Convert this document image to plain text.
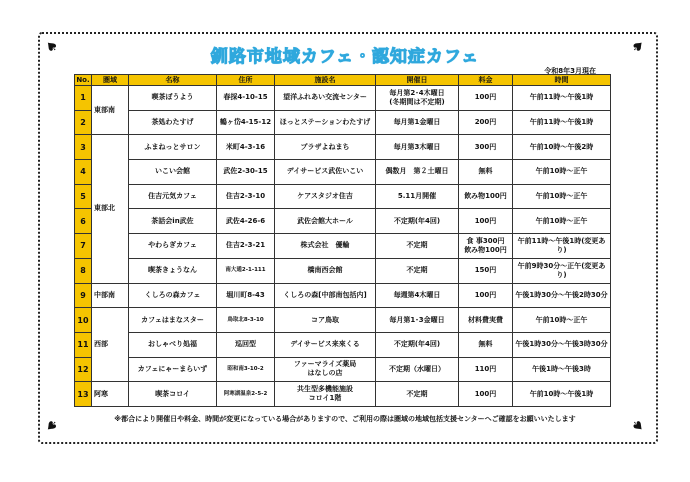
♠	♠
♠	♠
釧路市地域カフェ・認知症カフェ
令和8年3月現在
No.	圏域	名称	住所	施設名	開催日	料金	時間
1	東部南	喫茶ぼうよう	春採4-10-15	望洋ふれあい交流センター	毎月第2･4木曜日
(冬期間は不定期)	100円	午前11時～午後1時
2		茶処わたすげ	鶴ヶ岱4-15-12	ほっとステーションわたすげ	毎月第1金曜日	200円	午前11時～午後1時
3	東部北	ふまねっとサロン	米町4-3-16	プラザよねまち	毎月第3木曜日	300円	午前10時～午後2時
4		いこい会館	武佐2-30-15	デイサービス武佐いこい	偶数月　第２土曜日	無料	午前10時～正午
5		住吉元気カフェ	住吉2-3-10	ケアスタジオ住吉	5.11月開催	飲み物100円	午前10時～正午
6		茶話会in武佐	武佐4-26-6	武佐会館大ホール	不定期(年4回)	100円	午前10時～正午
7		やわらぎカフェ	住吉2-3-21	株式会社　優輪	不定期	食 事300円
飲み物100円	午前11時～午後1時(変更あり)
8		喫茶きょうなん	南大通2-1-111	橋南西会館	不定期	150円	午前9時30分～正午(変更あり)
9	中部南	くしろの森カフェ	堀川町8-43	くしろの森[中部南包括内]	毎週第4木曜日	100円	午後1時30分～午後2時30分
10	西部	カフェはまなスター	鳥取北8-3-10	コア鳥取	毎月第1･3金曜日	材料費実費	午前10時～正午
11		おしゃべり処福	巡回型	デイサービス来來くる	不定期(年4回)	無料	午後1時30分～午後3時30分
12		カフェにゃーまらいず	昭和南3-10-2	ファーマライズ薬局
はなしの店	不定期（水曜日）	110円	午後1時～午後3時
13	阿寒	喫茶コロイ	阿寒湖温泉2-5-2	共生型多機能施設
コロイ1階	不定期	100円	午前10時～午後1時
※都合により開催日や料金、時間が変更になっている場合がありますので、ご利用の際は圏域の地域包括支援センターへご確認をお願いいたします
